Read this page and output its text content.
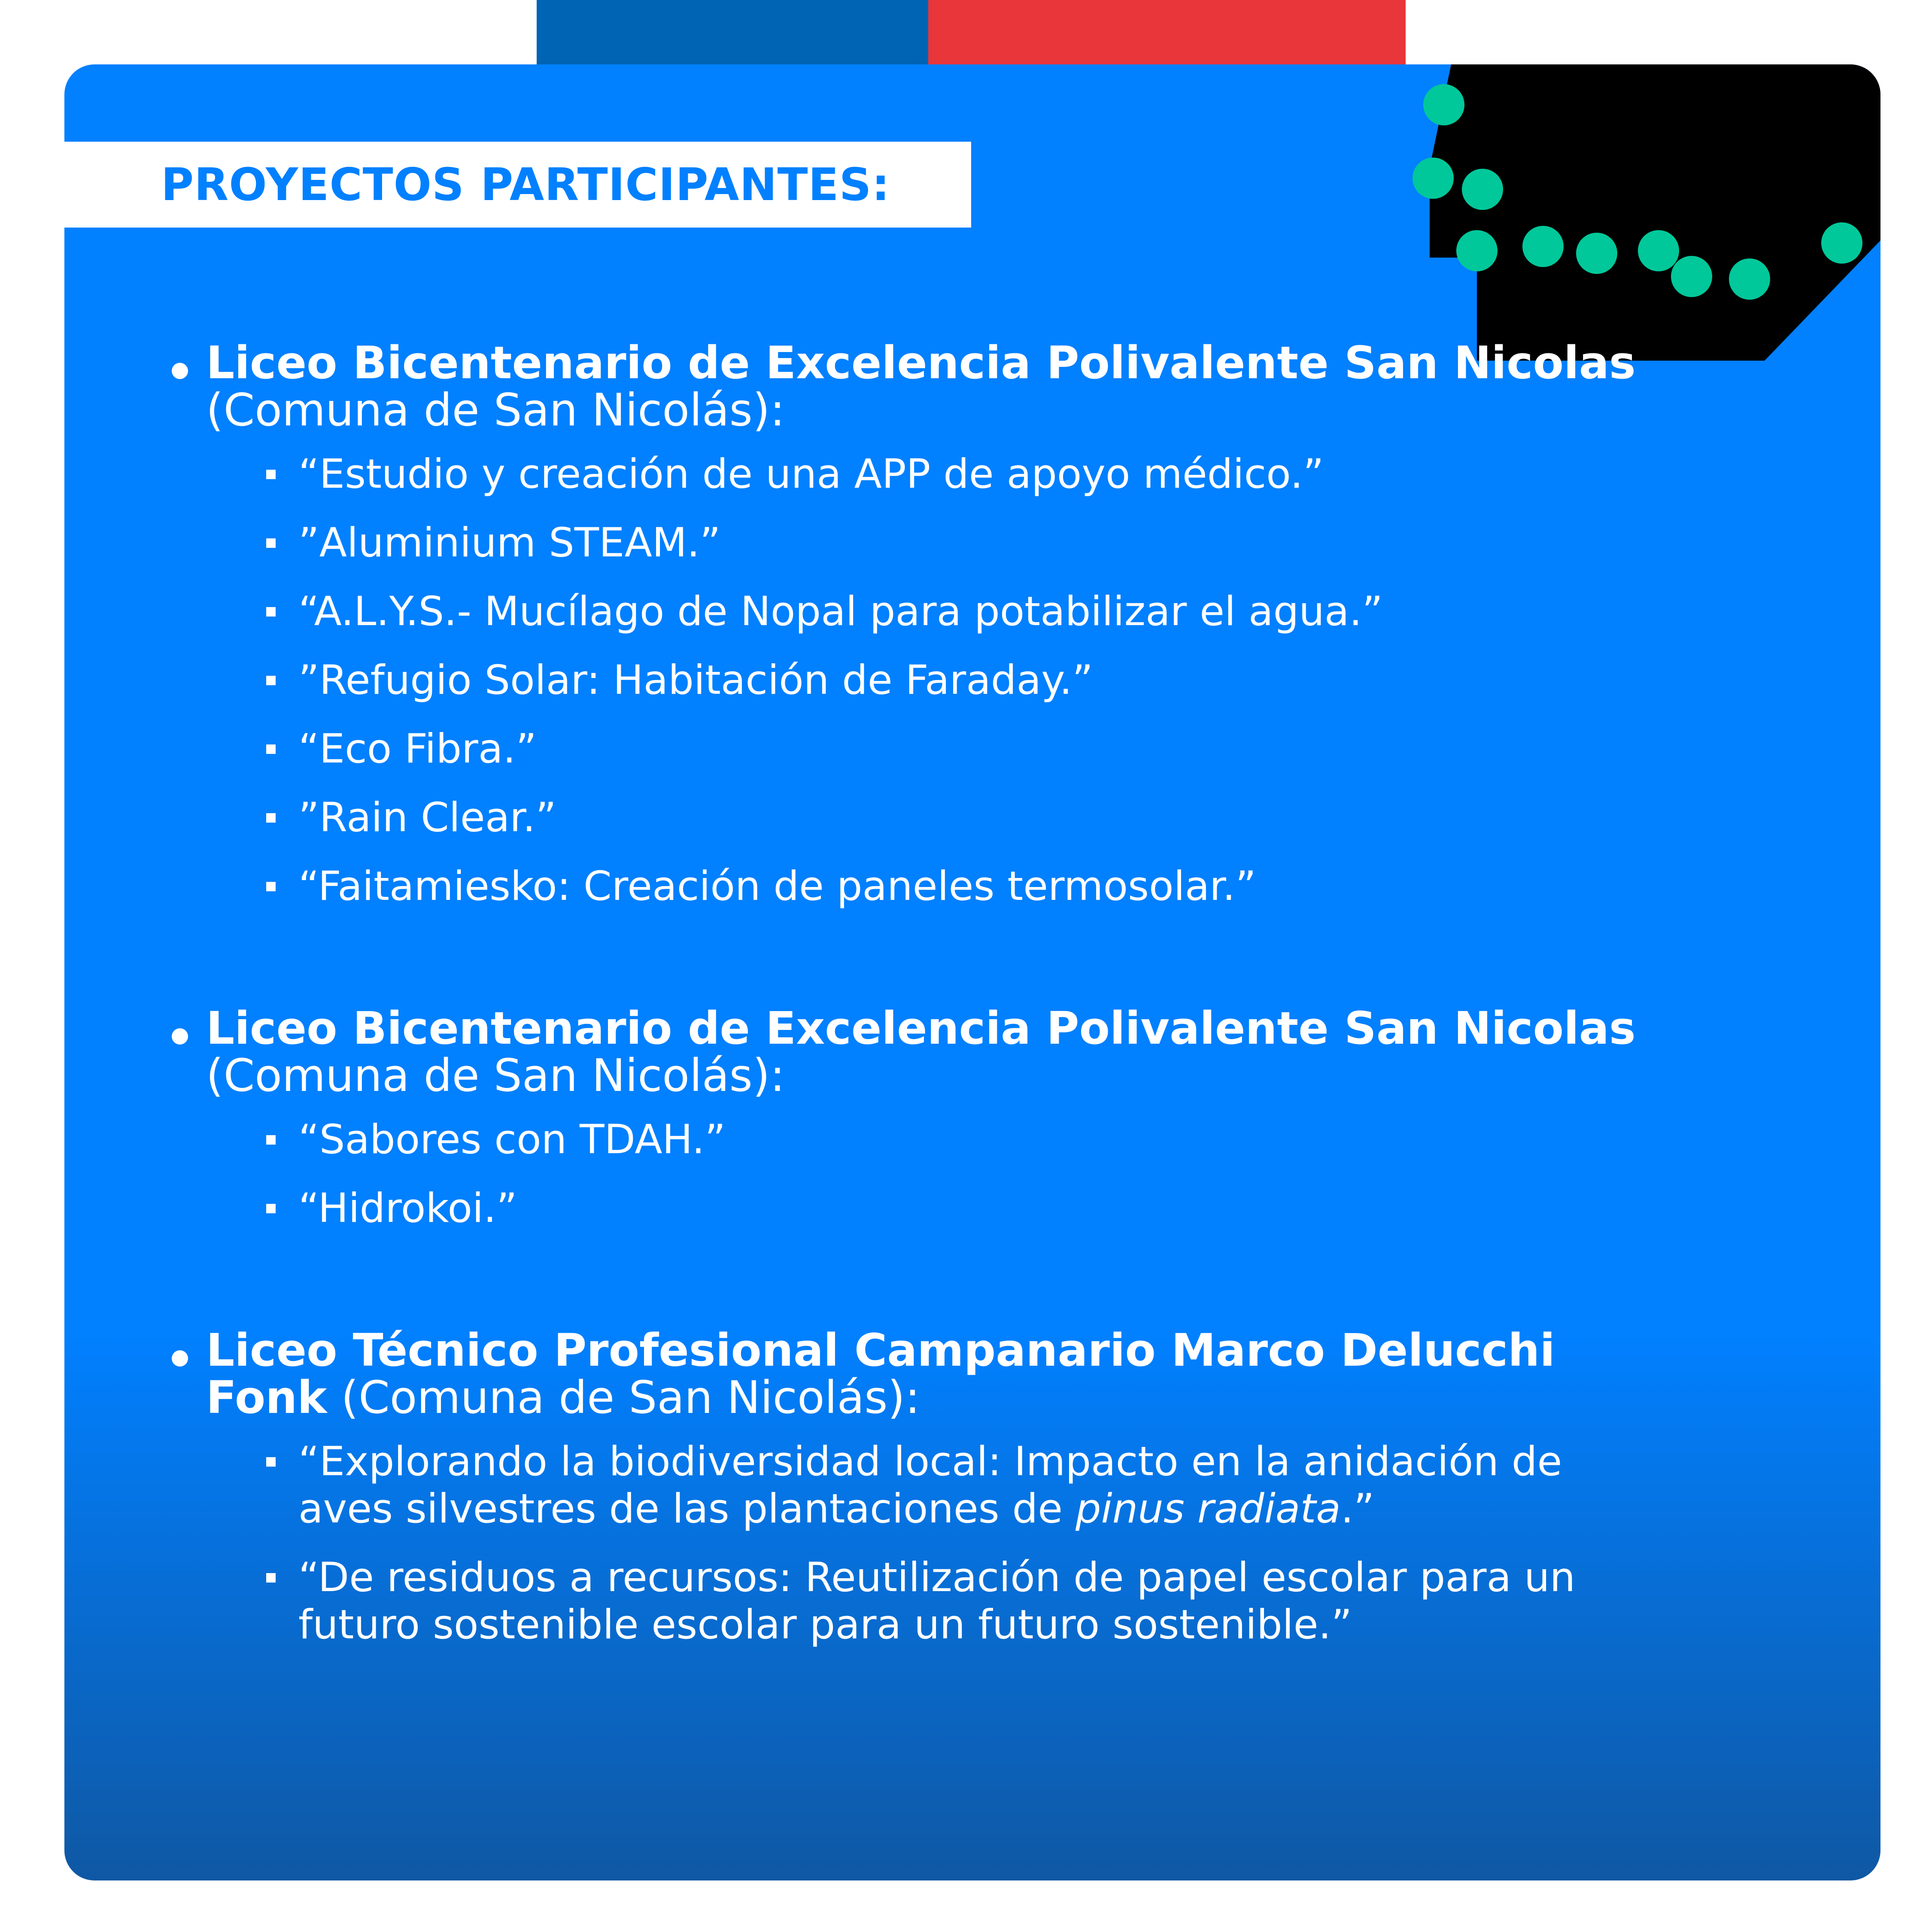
PROYECTOS PARTICIPANTES:

Liceo Bicentenario de Excelencia Polivalente San Nicolas

(Comuna de San Nicolás):

“Estudio y creación de una APP de apoyo médico.”
”Aluminium STEAM.”
“A.L.Y.S.- Mucílago de Nopal para potabilizar el agua.”
”Refugio Solar: Habitación de Faraday.”
“Eco Fibra.”
”Rain Clear.”
“Faitamiesko: Creación de paneles termosolar.”

Liceo Bicentenario de Excelencia Polivalente San Nicolas

(Comuna de San Nicolás):

“Sabores con TDAH.”
“Hidrokoi.”

Liceo Técnico Profesional Campanario Marco Delucchi

Fonk (Comuna de San Nicolás):

“Explorando la biodiversidad local: Impacto en la anidación de
aves silvestres de las plantaciones de pinus radiata.”
“De residuos a recursos: Reutilización de papel escolar para un
futuro sostenible escolar para un futuro sostenible.”
